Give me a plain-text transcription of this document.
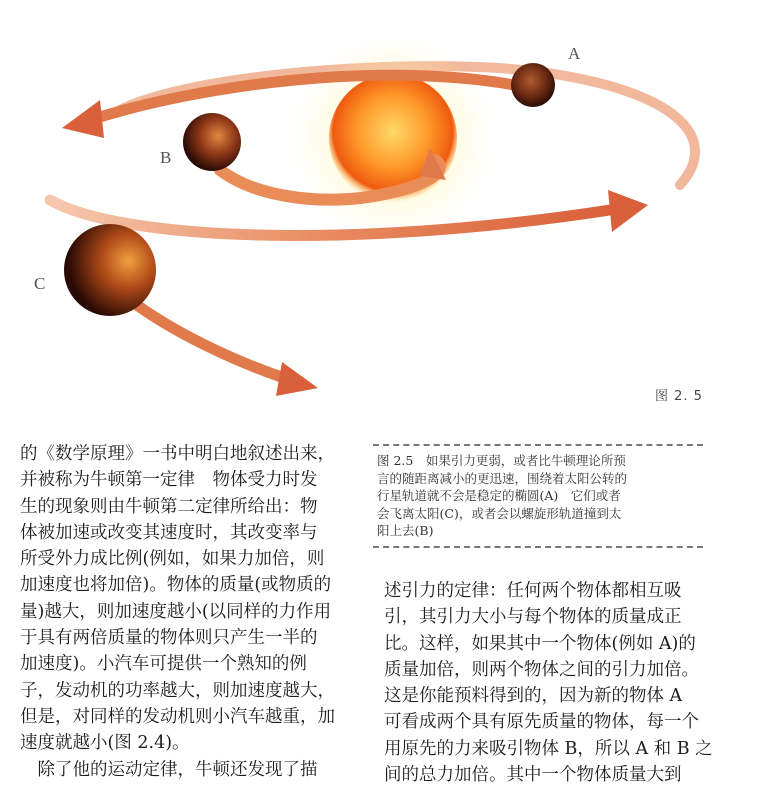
A
B
C
图 2. 5
的《数学原理》一书中明白地叙述出来，
并被称为牛顿第一定律　物体受力时发
生的现象则由牛顿第二定律所给出：物
体被加速或改变其速度时，其改变率与
所受外力成比例(例如，如果力加倍，则
加速度也将加倍)。物体的质量(或物质的
量)越大，则加速度越小(以同样的力作用
于具有两倍质量的物体则只产生一半的
加速度)。小汽车可提供一个熟知的例
子，发动机的功率越大，则加速度越大，
但是，对同样的发动机则小汽车越重，加
速度就越小(图 2.4)。
　除了他的运动定律，牛顿还发现了描
图 2.5　如果引力更弱，或者比牛顿理论所预
言的随距离减小的更迅速，围绕着太阳公转的
行星轨道就不会是稳定的椭圆(A)　它们或者
会飞离太阳(C)，或者会以螺旋形轨道撞到太
阳上去(B)
述引力的定律：任何两个物体都相互吸
引，其引力大小与每个物体的质量成正
比。这样，如果其中一个物体(例如 A)的
质量加倍，则两个物体之间的引力加倍。
这是你能预料得到的，因为新的物体 A
可看成两个具有原先质量的物体，每一个
用原先的力来吸引物体 B，所以 A 和 B 之
间的总力加倍。其中一个物体质量大到
